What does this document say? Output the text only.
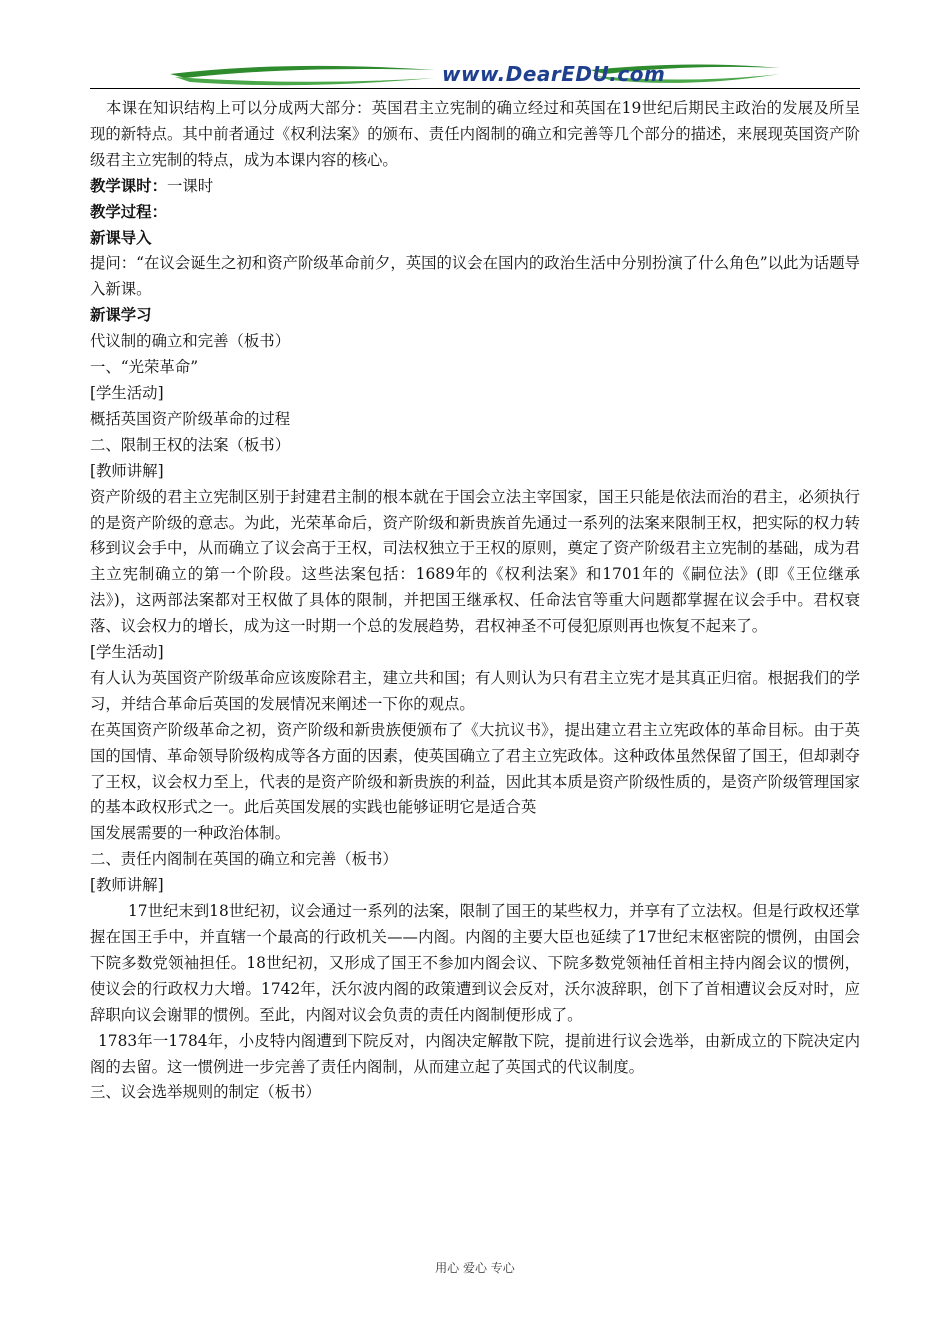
www.DearEDU.com

本课在知识结构上可以分成两大部分：英国君主立宪制的确立经过和英国在19世纪后期民主政治的发展及所呈现的新特点。其中前者通过《权利法案》的颁布、责任内阁制的确立和完善等几个部分的描述，来展现英国资产阶级君主立宪制的特点，成为本课内容的核心。

教学课时：一课时

教学过程：

新课导入

提问：“在议会诞生之初和资产阶级革命前夕，英国的议会在国内的政治生活中分别扮演了什么角色”以此为话题导入新课。

新课学习

代议制的确立和完善（板书）

一、“光荣革命”

[学生活动]

概括英国资产阶级革命的过程

二、限制王权的法案（板书）

[教师讲解]

资产阶级的君主立宪制区别于封建君主制的根本就在于国会立法主宰国家，国王只能是依法而治的君主，必须执行的是资产阶级的意志。为此，光荣革命后，资产阶级和新贵族首先通过一系列的法案来限制王权，把实际的权力转移到议会手中，从而确立了议会高于王权，司法权独立于王权的原则，奠定了资产阶级君主立宪制的基础，成为君主立宪制确立的第一个阶段。这些法案包括：1689年的《权利法案》和1701年的《嗣位法》(即《王位继承法》)，这两部法案都对王权做了具体的限制，并把国王继承权、任命法官等重大问题都掌握在议会手中。君权衰落、议会权力的增长，成为这一时期一个总的发展趋势，君权神圣不可侵犯原则再也恢复不起来了。

[学生活动]

有人认为英国资产阶级革命应该废除君主，建立共和国；有人则认为只有君主立宪才是其真正归宿。根据我们的学习，并结合革命后英国的发展情况来阐述一下你的观点。

在英国资产阶级革命之初，资产阶级和新贵族便颁布了《大抗议书》，提出建立君主立宪政体的革命目标。由于英国的国情、革命领导阶级构成等各方面的因素，使英国确立了君主立宪政体。这种政体虽然保留了国王，但却剥夺了王权，议会权力至上，代表的是资产阶级和新贵族的利益，因此其本质是资产阶级性质的，是资产阶级管理国家的基本政权形式之一。此后英国发展的实践也能够证明它是适合英

国发展需要的一种政治体制。

二、责任内阁制在英国的确立和完善（板书）

[教师讲解]

17世纪末到18世纪初，议会通过一系列的法案，限制了国王的某些权力，并享有了立法权。但是行政权还掌握在国王手中，并直辖一个最高的行政机关——内阁。内阁的主要大臣也延续了17世纪末枢密院的惯例，由国会下院多数党领袖担任。18世纪初，又形成了国王不参加内阁会议、下院多数党领袖任首相主持内阁会议的惯例，使议会的行政权力大增。1742年，沃尔波内阁的政策遭到议会反对，沃尔波辞职，创下了首相遭议会反对时，应辞职向议会谢罪的惯例。至此，内阁对议会负责的责任内阁制便形成了。

1783年一1784年，小皮特内阁遭到下院反对，内阁决定解散下院，提前进行议会选举，由新成立的下院决定内阁的去留。这一惯例进一步完善了责任内阁制，从而建立起了英国式的代议制度。

三、议会选举规则的制定（板书）

用心 爱心 专心
